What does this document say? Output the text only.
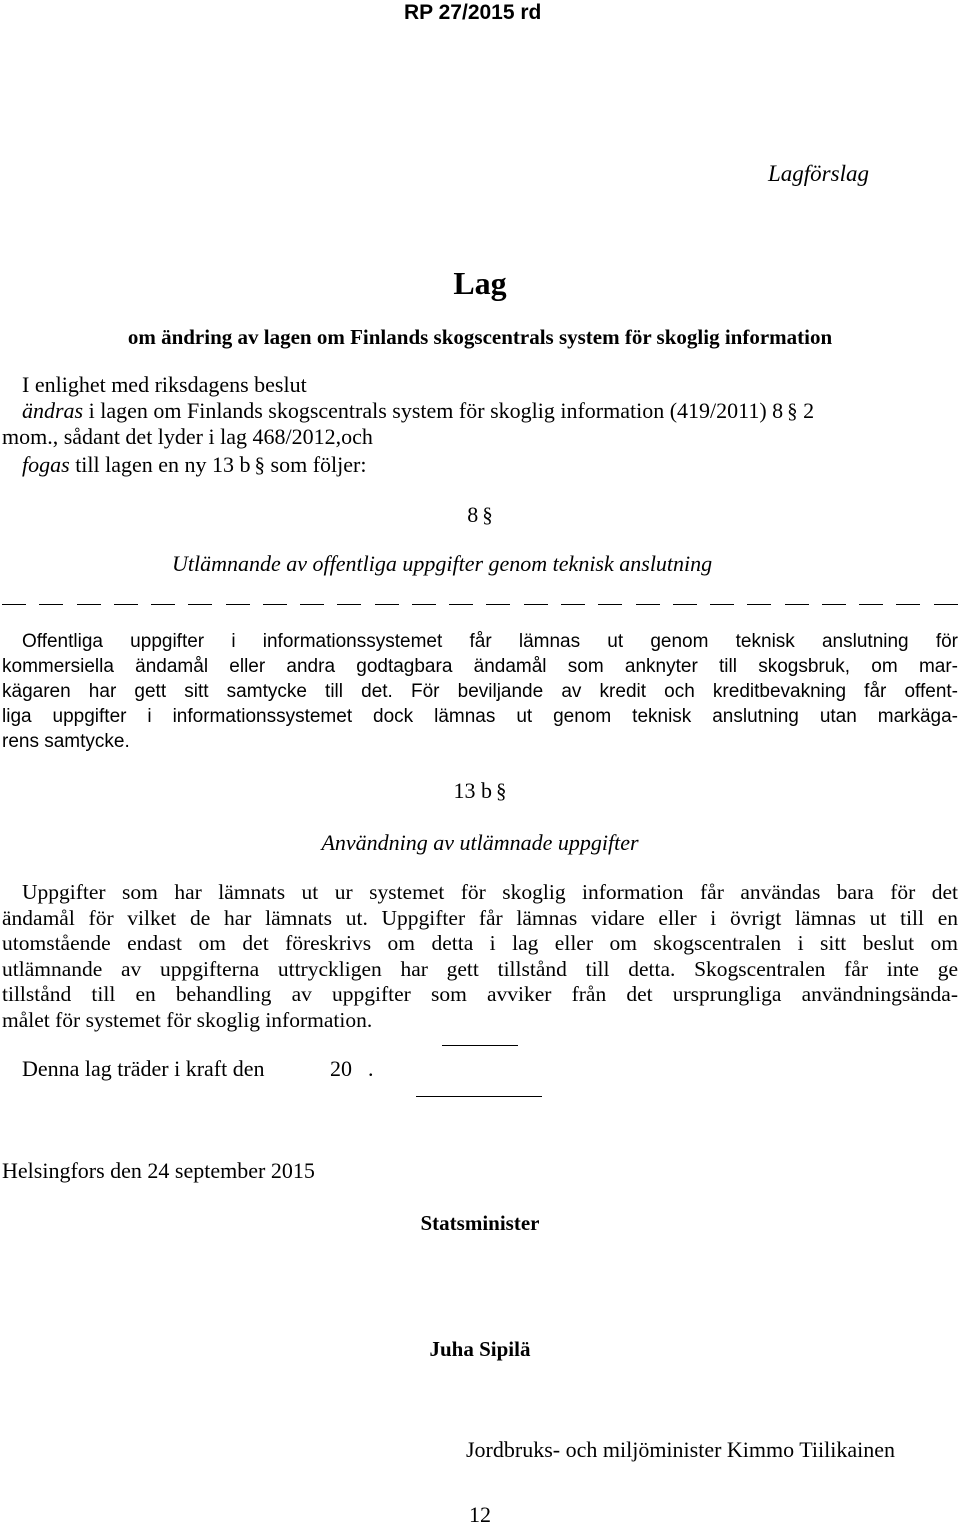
RP 27/2015 rd
Lagförslag
Lag
om ändring av lagen om Finlands skogscentrals system för skoglig information
I enlighet med riksdagens beslut
ändras i lagen om Finlands skogscentrals system för skoglig information (419/2011) 8 § 2
mom., sådant det lyder i lag 468/2012,och
fogas till lagen en ny 13 b § som följer:
8 §
Utlämnande av offentliga uppgifter genom teknisk anslutning
Offentliga uppgifter i informationssystemet får lämnas ut genom teknisk anslutning för
kommersiella ändamål eller andra godtagbara ändamål som anknyter till skogsbruk, om mar-
kägaren har gett sitt samtycke till det. För beviljande av kredit och kreditbevakning får offent-
liga uppgifter i informationssystemet dock lämnas ut genom teknisk anslutning utan markäga-
rens samtycke.
13 b §
Användning av utlämnade uppgifter
Uppgifter som har lämnats ut ur systemet för skoglig information får användas bara för det
ändamål för vilket de har lämnats ut. Uppgifter får lämnas vidare eller i övrigt lämnas ut till en
utomstående endast om det föreskrivs om detta i lag eller om skogscentralen i sitt beslut om
utlämnande av uppgifterna uttryckligen har gett tillstånd till detta. Skogscentralen får inte ge
tillstånd till en behandling av uppgifter som avviker från det ursprungliga användningsända-
målet för systemet för skoglig information.
Denna lag träder i kraft den	20 .
Helsingfors den 24 september 2015
Statsminister
Juha Sipilä
Jordbruks- och miljöminister Kimmo Tiilikainen
12
